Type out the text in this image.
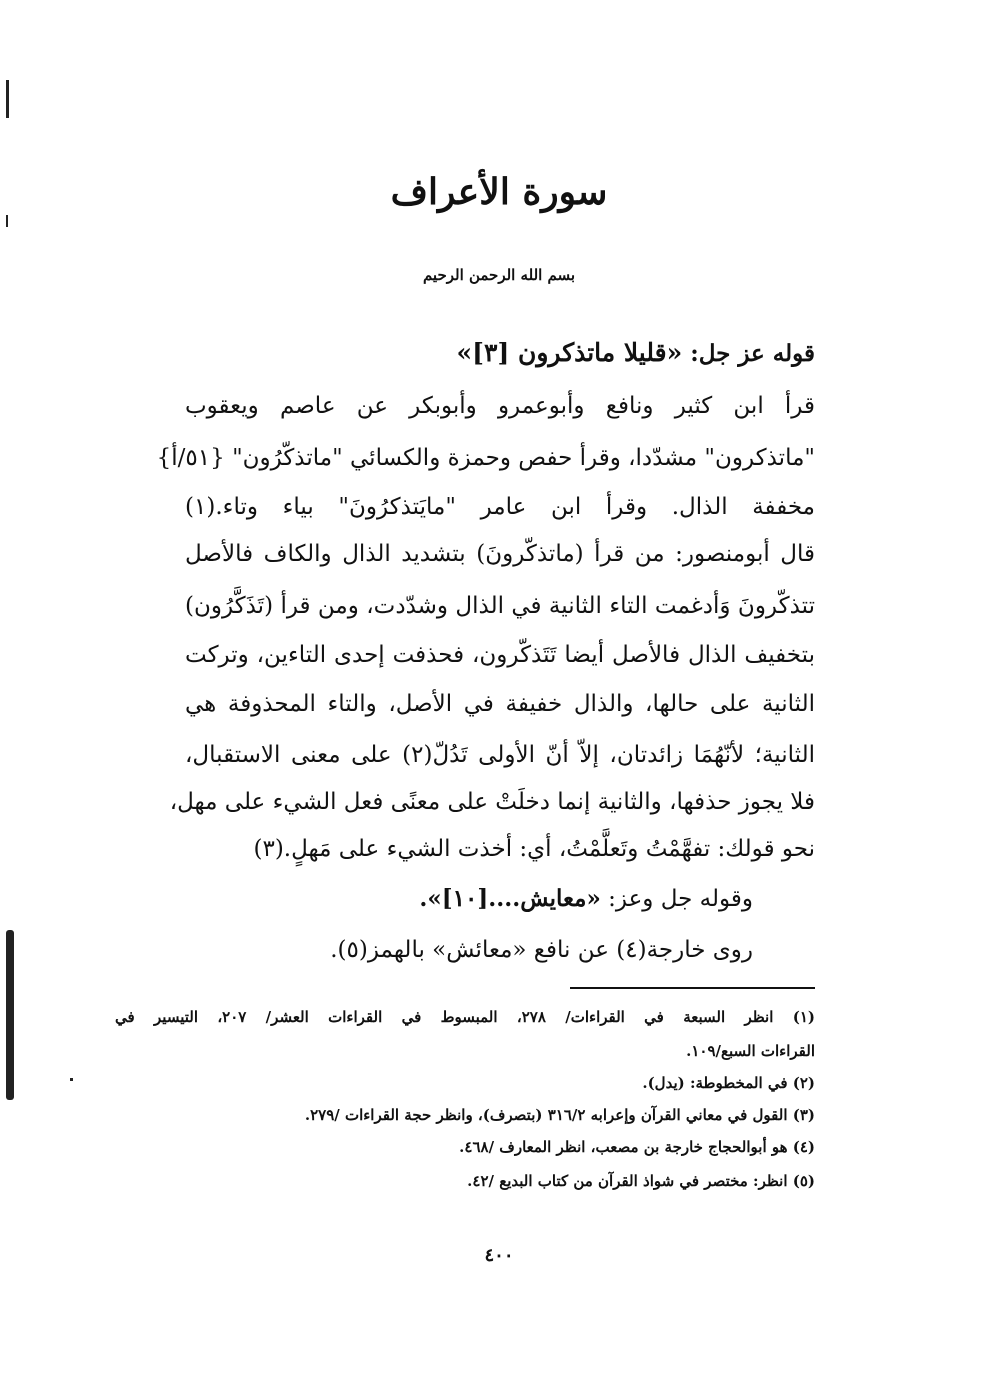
سورة الأعراف
بسم الله الرحمن الرحيم
قوله عز جل: «قليلا ماتذكرون [٣]»
قرأ ابن كثير ونافع وأبوعمرو وأبوبكر عن عاصم ويعقوب
"ماتذكرون" مشدّدا، وقرأ حفص وحمزة والكسائي "ماتذكّرُون" {٥١/أ}
مخففة الذال. وقرأ ابن عامر "مايَتذكرُونَ" بياء وتاء.(١)
قال أبومنصور: من قرأ (ماتذكّرونَ) بتشديد الذال والكاف فالأصل
تتذكّرونَ وَأدغمت التاء الثانية في الذال وشدّدت، ومن قرأ (تَذَكَّرُون)
بتخفيف الذال فالأصل أيضا تَتَذكّرون، فحذفت إحدى التاءين، وتركت
الثانية على حالها، والذال خفيفة في الأصل، والتاء المحذوفة هي
الثانية؛ لأنّهُمَا زائدتان، إلاّ أنّ الأولى تَدُلّ(٢) على معنى الاستقبال،
فلا يجوز حذفها، والثانية إنما دخلَتْ على معنًى فعل الشيء على مهل،
نحو قولك: تفهَّمْتُ وتَعلَّمْتُ، أي: أخذت الشيء على مَهلٍ.(٣)
وقوله جل وعز: «معايش....[١٠]».
روى خارجة(٤) عن نافع «معائش» بالهمز(٥).
(١) انظر السبعة في القراءات/ ٢٧٨، المبسوط في القراءات العشر/ ٢٠٧، التيسير في
القراءات السبع/١٠٩.
(٢) في المخطوطة: (يدل).
(٣) القول في معاني القرآن وإعرابه ٣١٦/٢ (بتصرف)، وانظر حجة القراءات /٢٧٩.
(٤) هو أبوالحجاج خارجة بن مصعب، انظر المعارف /٤٦٨.
(٥) انظر: مختصر في شواذ القرآن من كتاب البديع /٤٢.
٤٠٠
